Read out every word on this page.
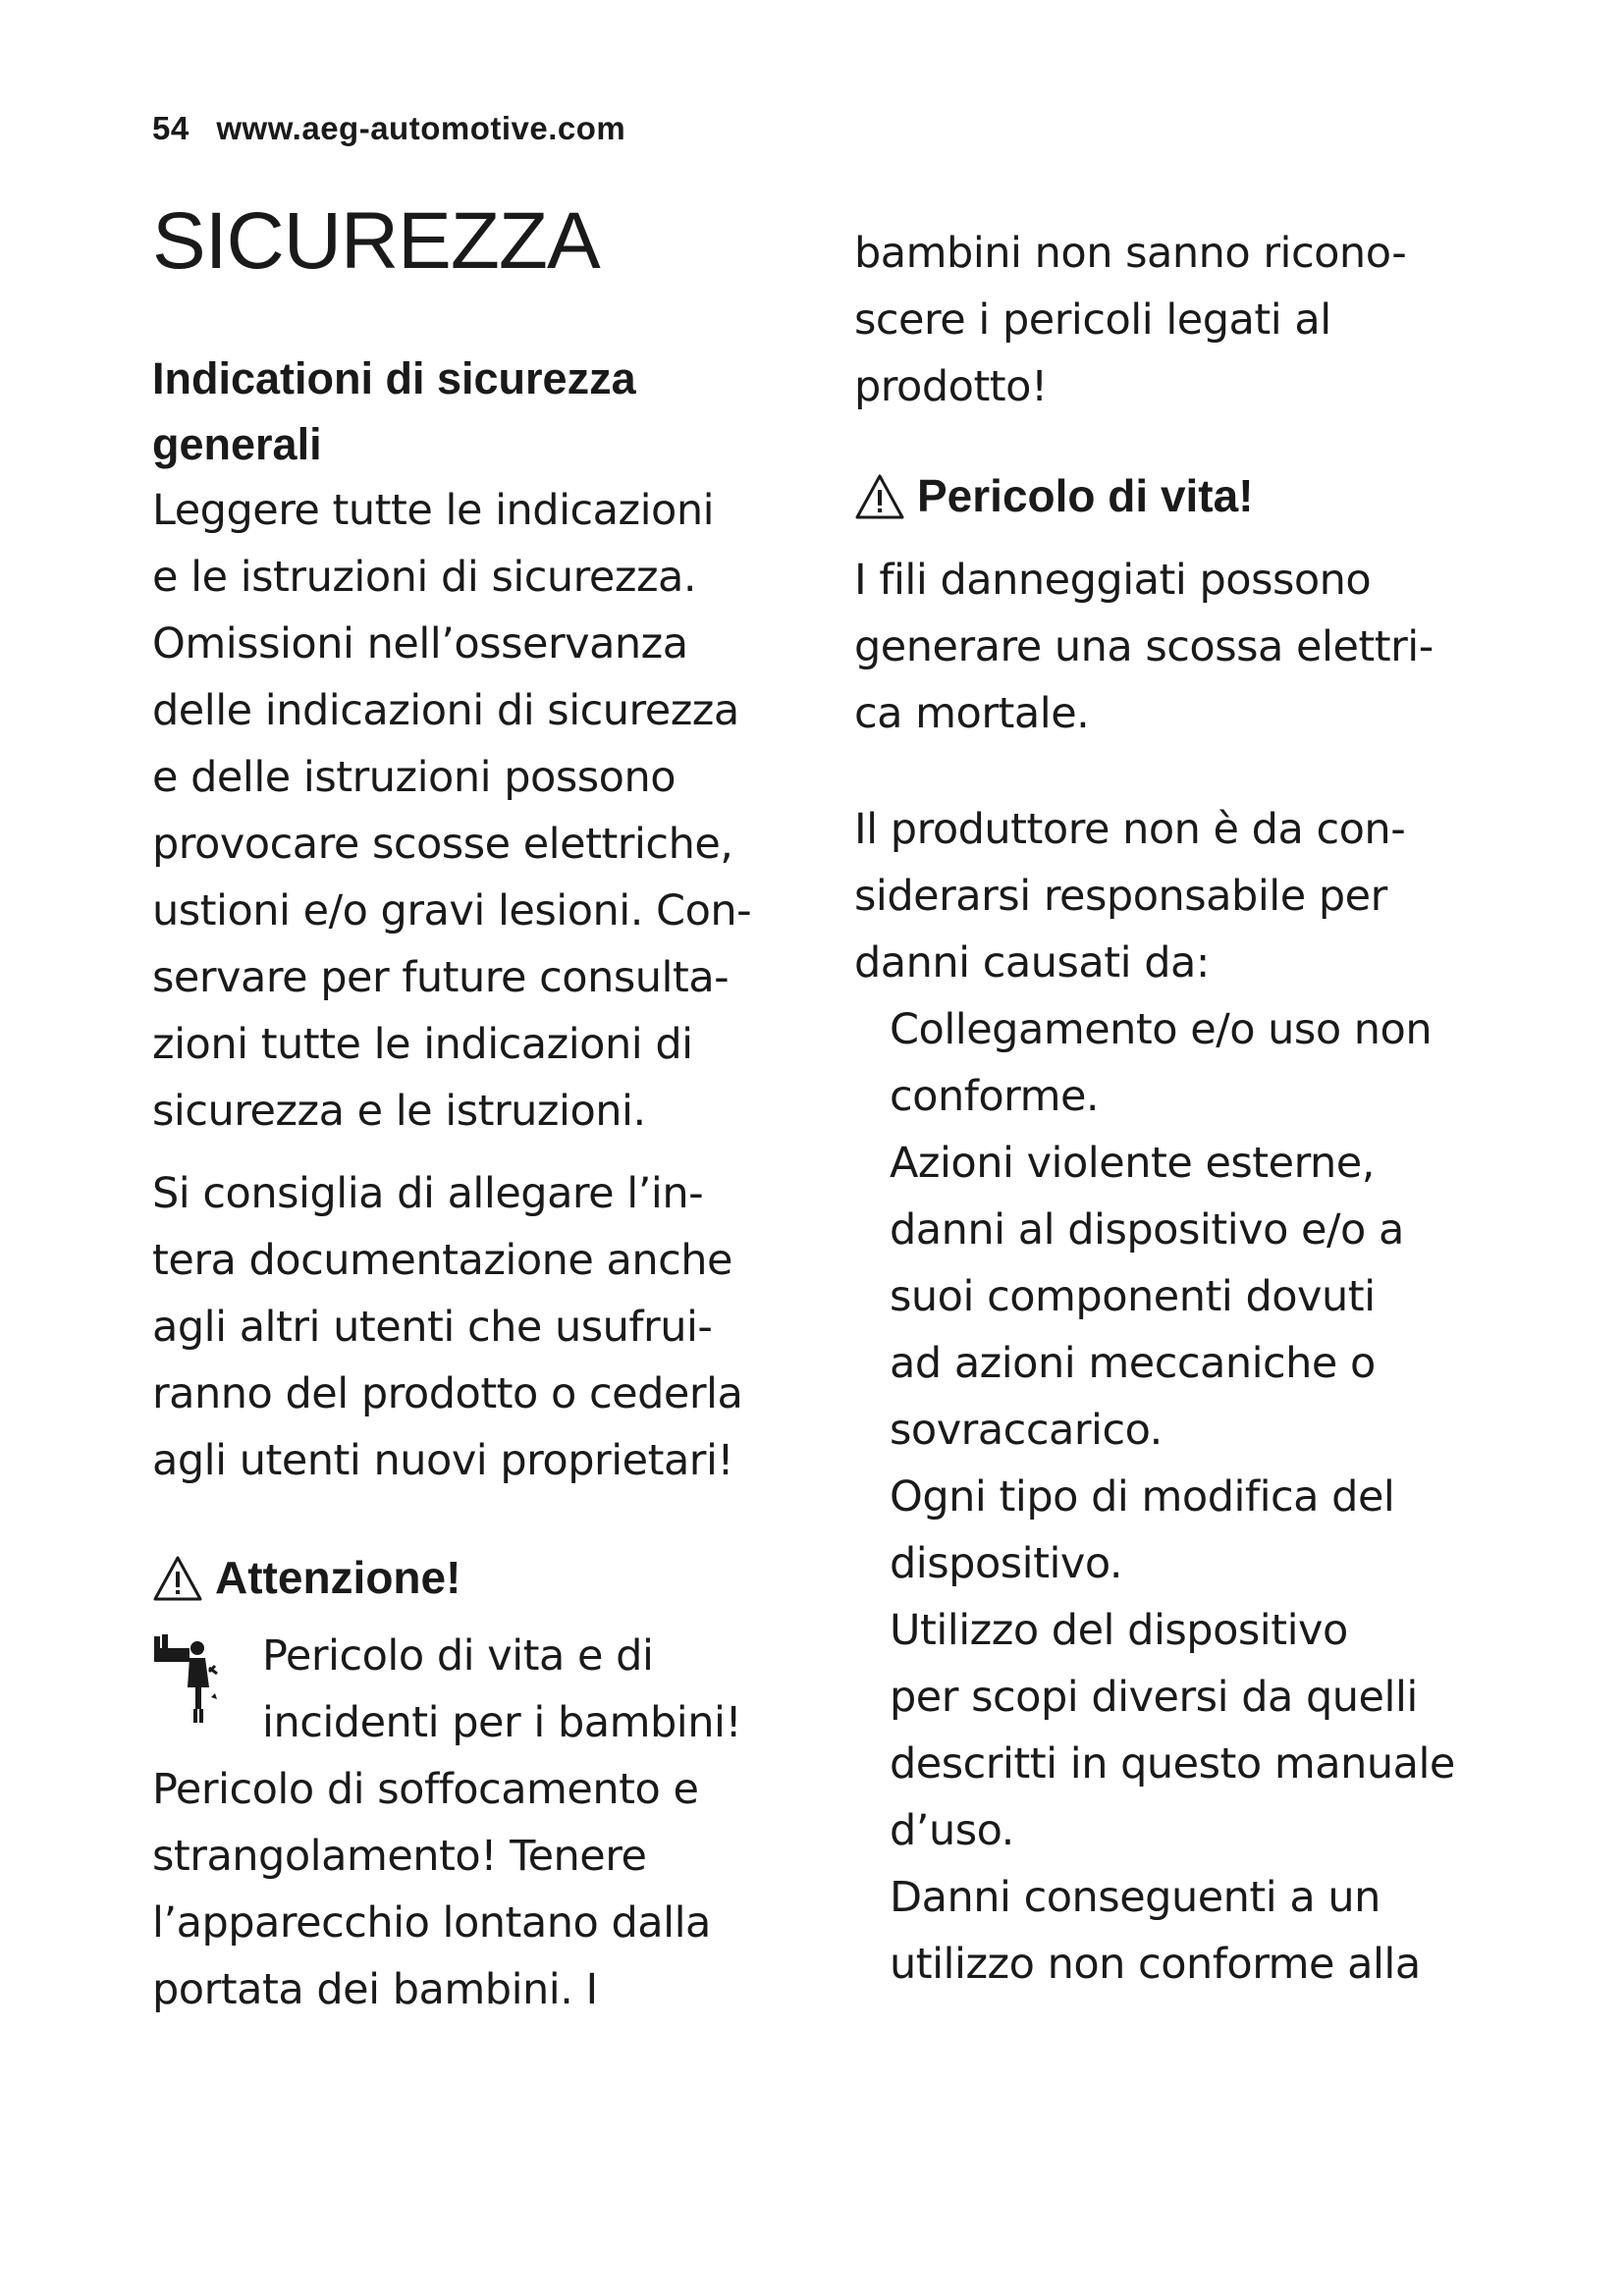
54 www.aeg-automotive.com
SICUREZZA

Indicationi di sicurezza
generali

Leggere tutte le indicazioni
e le istruzioni di sicurezza.
Omissioni nell’osservanza
delle indicazioni di sicurezza
e delle istruzioni possono
provocare scosse elettriche,
ustioni e/o gravi lesioni. Con-
servare per future consulta-
zioni tutte le indicazioni di
sicurezza e le istruzioni.

Si consiglia di allegare l’in-
tera documentazione anche
agli altri utenti che usufrui-
ranno del prodotto o cederla
agli utenti nuovi proprietari!

Attenzione!

Pericolo di vita e di
incidenti per i bambini!

Pericolo di soffocamento e
strangolamento! Tenere
l’apparecchio lontano dalla
portata dei bambini. I

bambini non sanno ricono-
scere i pericoli legati al
prodotto!

Pericolo di vita!

I fili danneggiati possono
generare una scossa elettri-
ca mortale.

Il produttore non è da con-
siderarsi responsabile per
danni causati da:

Collegamento e/o uso non
conforme.

Azioni violente esterne,
danni al dispositivo e/o a
suoi componenti dovuti
ad azioni meccaniche o
sovraccarico.

Ogni tipo di modifica del
dispositivo.

Utilizzo del dispositivo
per scopi diversi da quelli
descritti in questo manuale
d’uso.

Danni conseguenti a un
utilizzo non conforme alla
